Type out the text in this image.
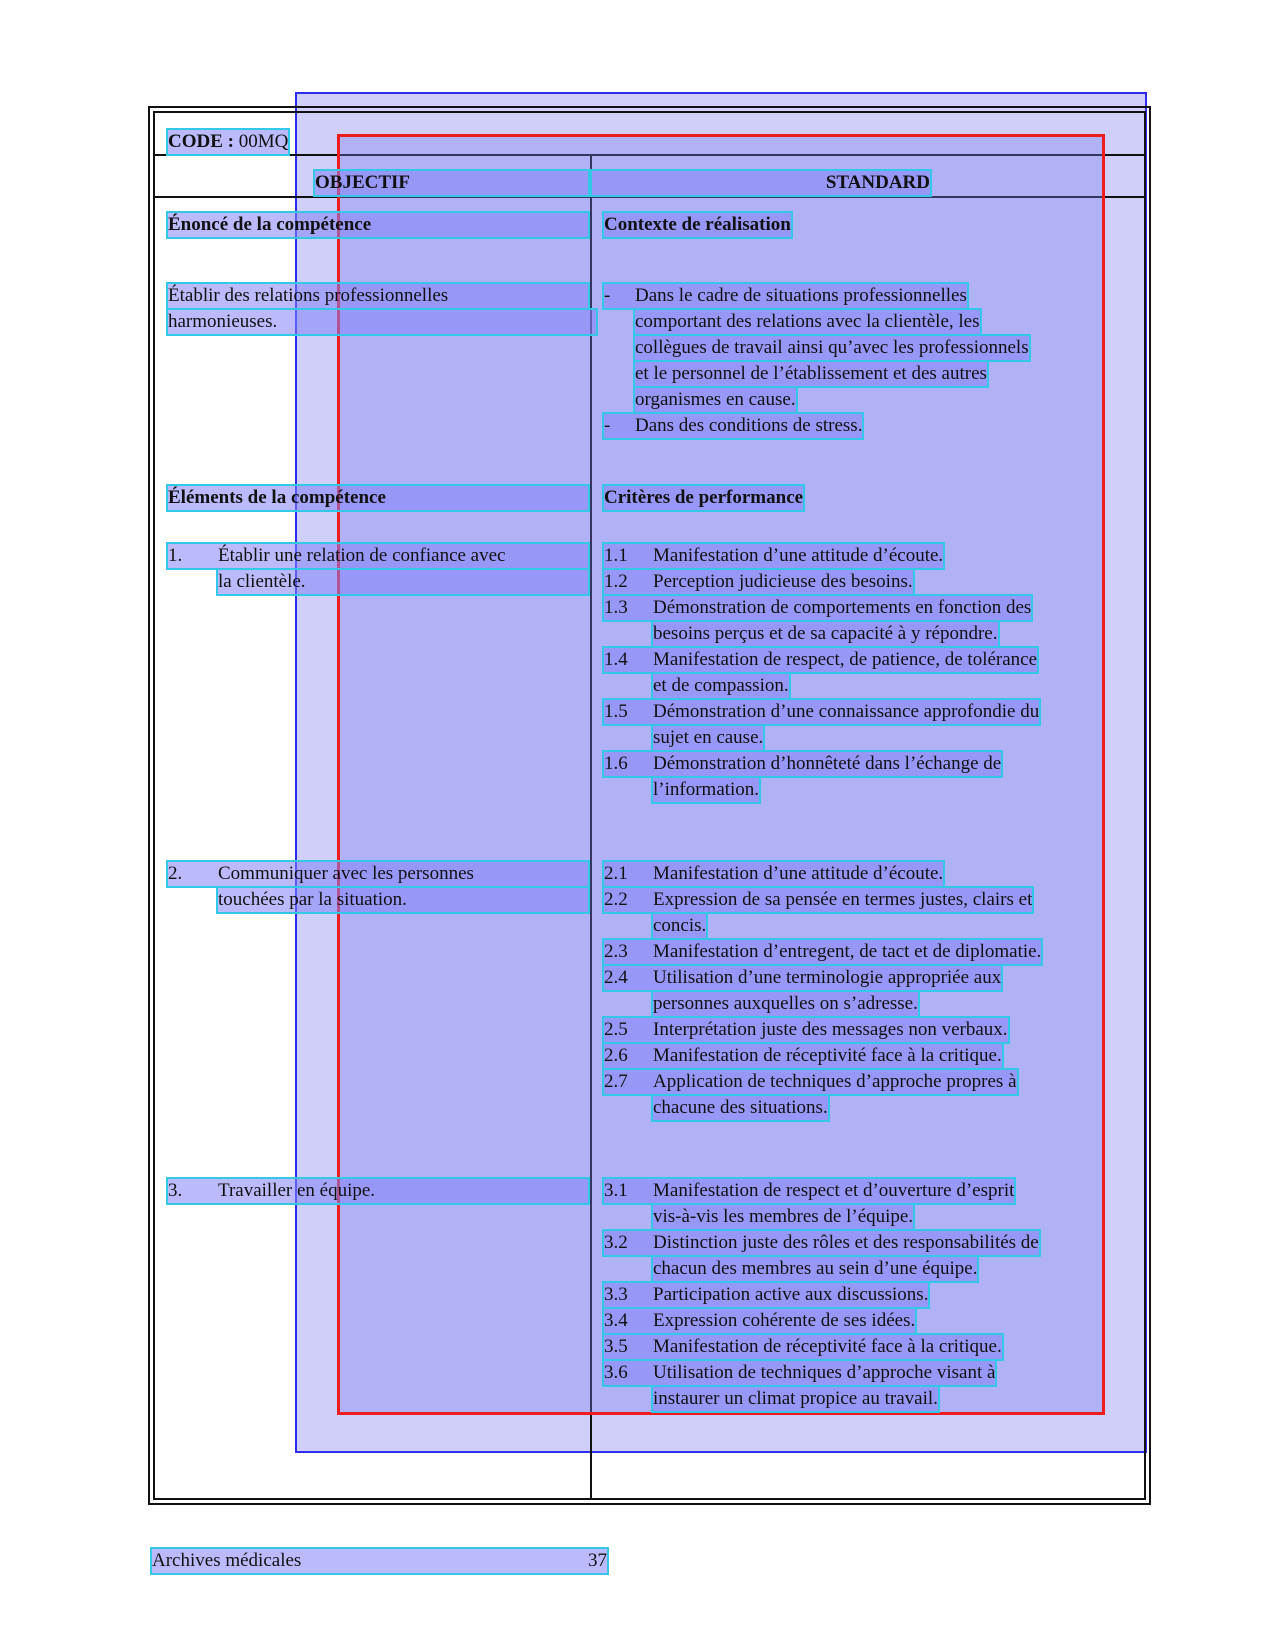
CODE : 00MQ
OBJECTIF	STANDARD
Énoncé de la compétence
Établir des relations professionnelles
harmonieuses.
Éléments de la compétence
1. Établir une relation de confiance avec
la clientèle.
2. Communiquer avec les personnes
touchées par la situation.
3. Travailler en équipe.
Contexte de réalisation
- Dans le cadre de situations professionnelles
comportant des relations avec la clientèle, les
collègues de travail ainsi qu’avec les professionnels
et le personnel de l’établissement et des autres
organismes en cause.
- Dans des conditions de stress.
Critères de performance
1.1 Manifestation d’une attitude d’écoute.
1.2 Perception judicieuse des besoins.
1.3 Démonstration de comportements en fonction des
besoins perçus et de sa capacité à y répondre.
1.4 Manifestation de respect, de patience, de tolérance
et de compassion.
1.5 Démonstration d’une connaissance approfondie du
sujet en cause.
1.6 Démonstration d’honnêteté dans l’échange de
l’information.
2.1 Manifestation d’une attitude d’écoute.
2.2 Expression de sa pensée en termes justes, clairs et
concis.
2.3 Manifestation d’entregent, de tact et de diplomatie.
2.4 Utilisation d’une terminologie appropriée aux
personnes auxquelles on s’adresse.
2.5 Interprétation juste des messages non verbaux.
2.6 Manifestation de réceptivité face à la critique.
2.7 Application de techniques d’approche propres à
chacune des situations.
3.1 Manifestation de respect et d’ouverture d’esprit
vis-à-vis les membres de l’équipe.
3.2 Distinction juste des rôles et des responsabilités de
chacun des membres au sein d’une équipe.
3.3 Participation active aux discussions.
3.4 Expression cohérente de ses idées.
3.5 Manifestation de réceptivité face à la critique.
3.6 Utilisation de techniques d’approche visant à
instaurer un climat propice au travail.
Archives médicales	37
